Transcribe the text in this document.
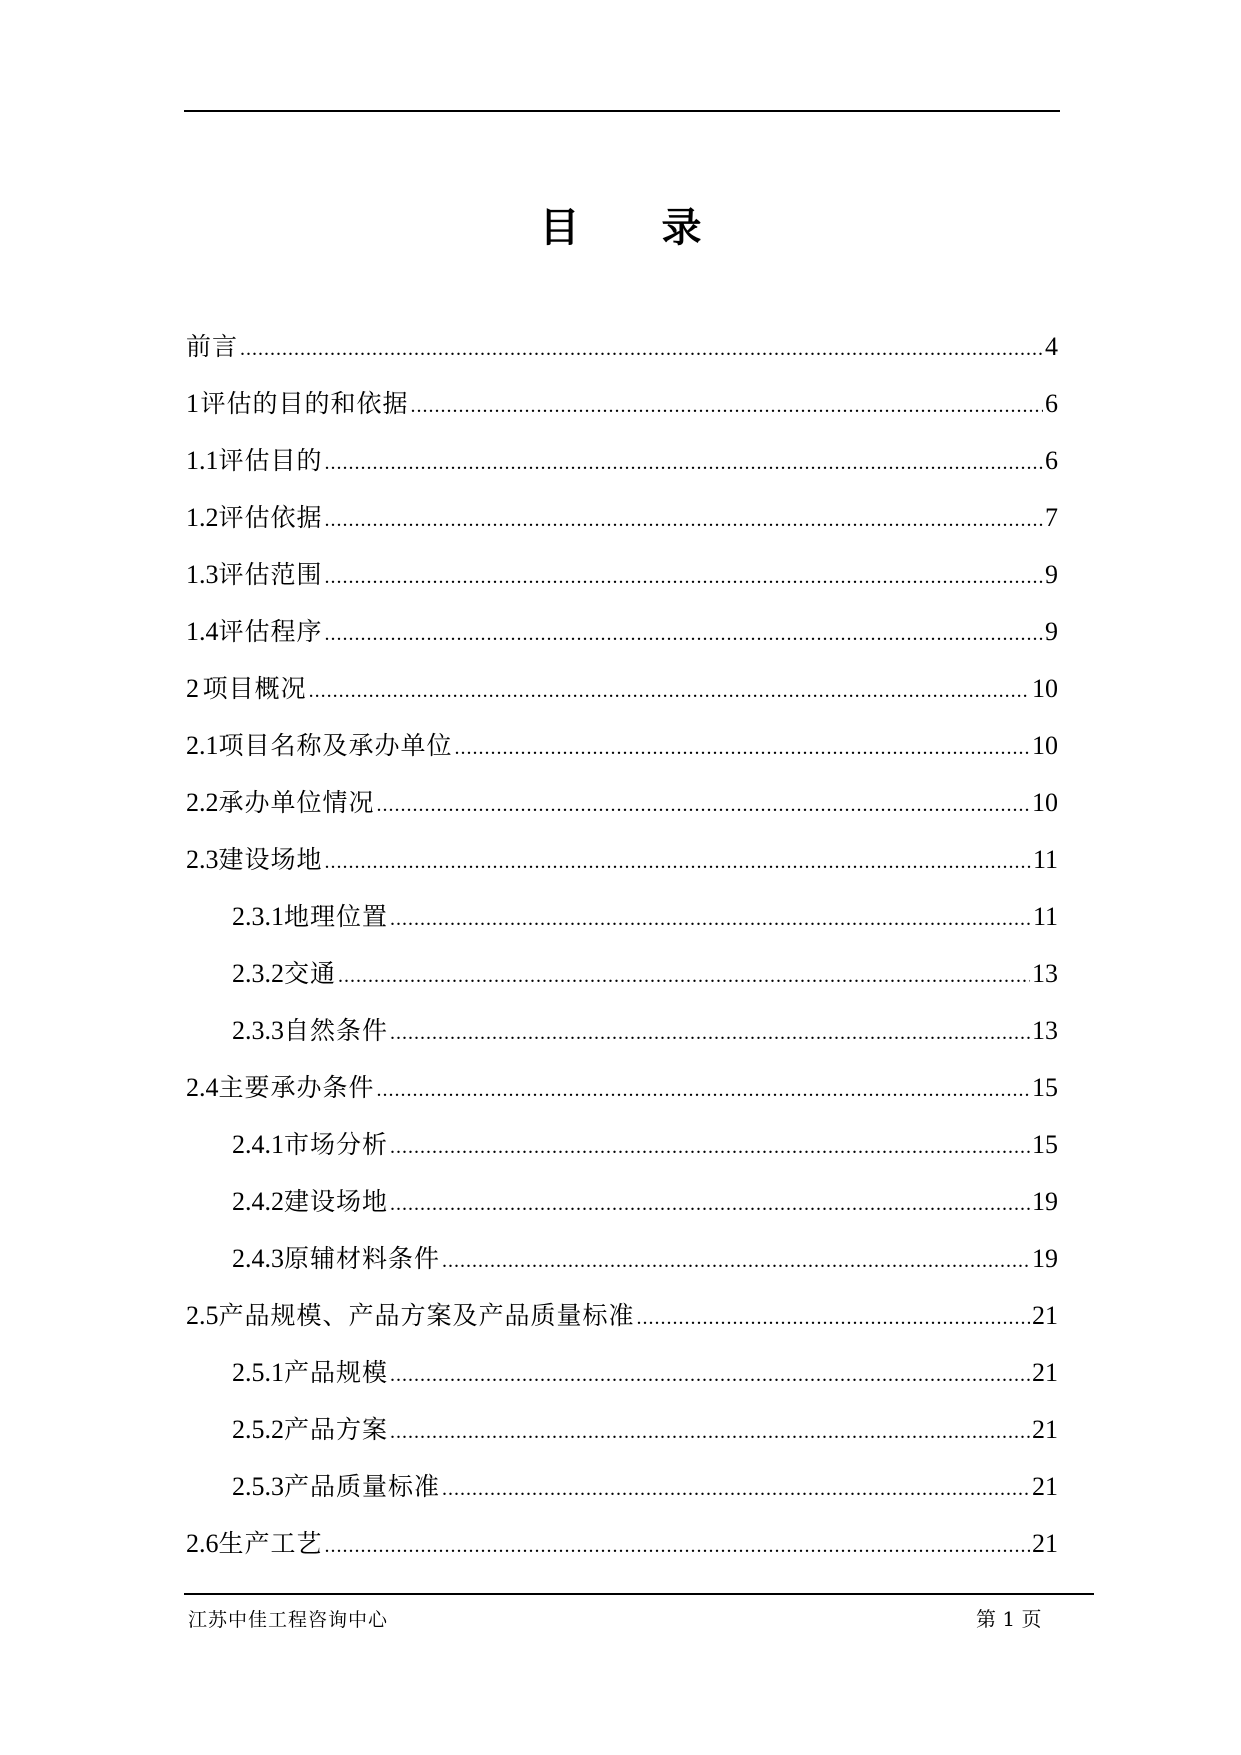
目 录
前 言 .....	4
1 评估的目的和依据 .....	6
1.1 评估目的 .....	6
1.2 评估依据 .....	7
1.3 评估范围 .....	9
1.4 评估程序 .....	9
2 项目概况 .....	10
2.1 项目名称及承办单位 .....	10
2.2 承办单位情况 .....	10
2.3 建设场地 .....	11
2.3.1 地理位置 .....	11
2.3.2 交通 .....	13
2.3.3 自然条件 .....	13
2.4 主要承办条件 .....	15
2.4.1 市场分析 .....	15
2.4.2 建设场地 .....	19
2.4.3 原辅材料条件 .....	19
2.5 产品规模、产品方案及产品质量标准 .....	21
2.5.1 产品规模 .....	21
2.5.2 产品方案 .....	21
2.5.3 产品质量标准 .....	21
2.6 生产工艺 .....	21
江苏中佳工程咨询中心	第 1 页
